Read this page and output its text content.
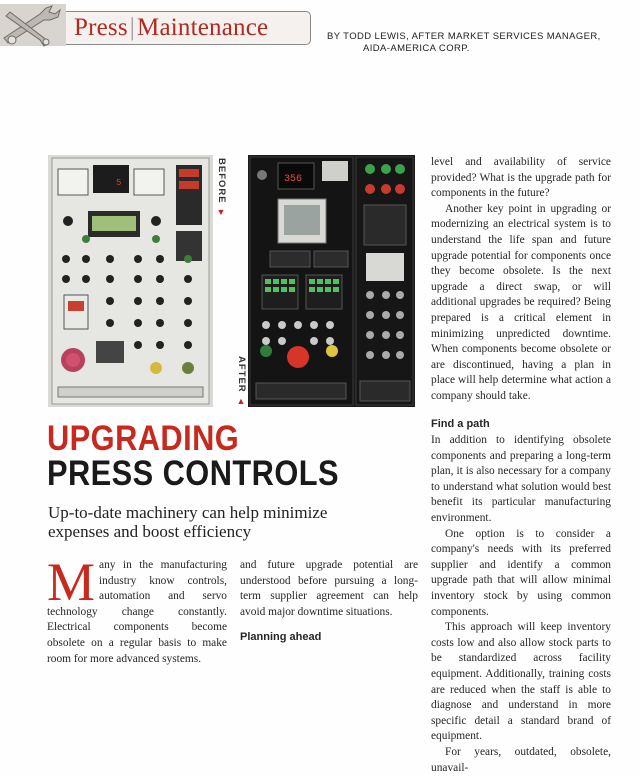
Press|Maintenance	BY TODD LEWIS, AFTER MARKET SERVICES MANAGER,
AIDA-AMERICA CORP.
5	BEFORE ▼
356
AFTER ▲
UPGRADING
PRESS CONTROLS
Up-to-date machinery can help minimize expenses and boost efficiency
M any in the manufacturing industry know controls, automation and servo technology change constantly. Electrical components become obsolete on a regular basis to make room for more advanced systems.

and future upgrade potential are understood before pursuing a long-term supplier agreement can help avoid major downtime situations.

Planning ahead

level and availability of service provided? What is the upgrade path for components in the future?

Another key point in upgrading or modernizing an electrical system is to understand the life span and future upgrade potential for components once they become obsolete. Is the next upgrade a direct swap, or will additional upgrades be required? Being prepared is a critical element in minimizing unpredicted downtime. When components become obsolete or are discontinued, having a plan in place will help determine what action a company should take.

Find a path

In addition to identifying obsolete components and preparing a long-term plan, it is also necessary for a company to understand what solution would best benefit its particular manufacturing environment.

One option is to consider a company's needs with its preferred supplier and identify a common upgrade path that will allow minimal inventory stock by using common components.

This approach will keep inventory costs low and also allow stock parts to be standardized across facility equipment. Additionally, training costs are reduced when the staff is able to diagnose and understand in more specific detail a standard brand of equipment.

For years, outdated, obsolete, unavail-
